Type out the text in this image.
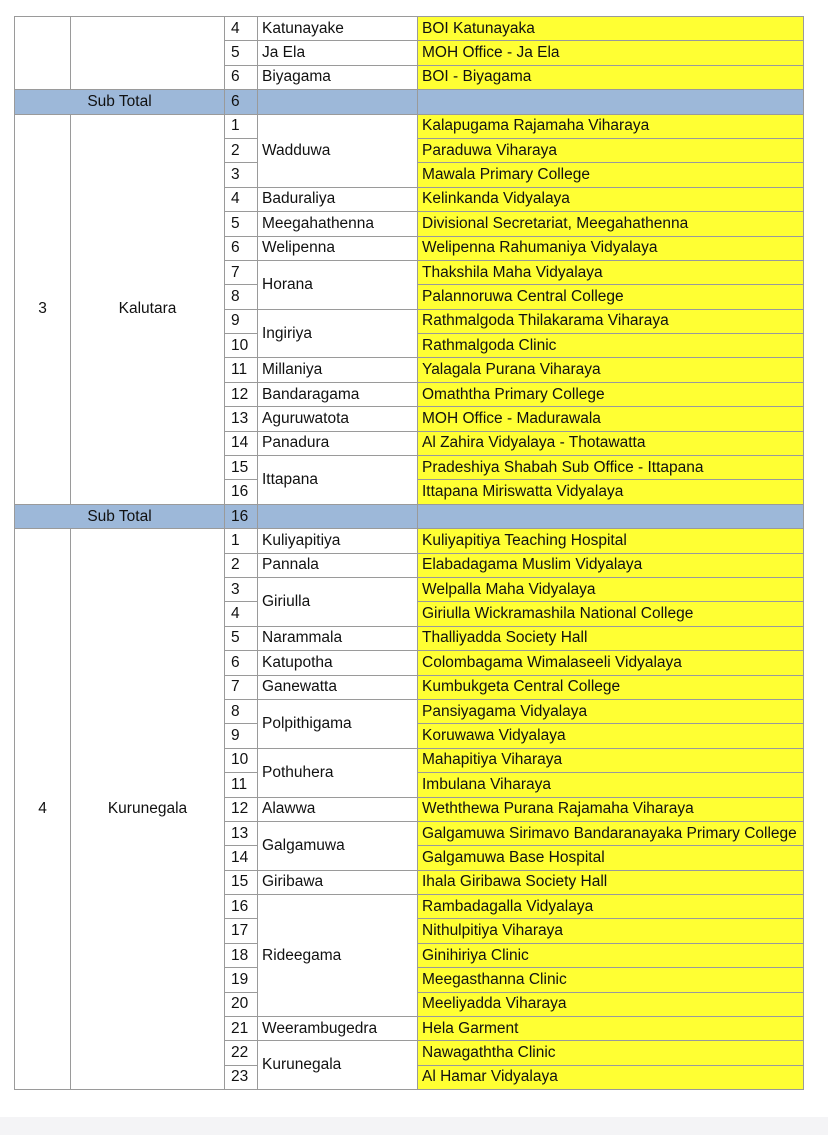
		4	Katunayake	BOI Katunayaka
		5	Ja Ela	MOH Office - Ja Ela
		6	Biyagama	BOI - Biyagama
Sub Total		6		
3	Kalutara	1	Wadduwa	Kalapugama Rajamaha Viharaya
		2		Paraduwa Viharaya
		3		Mawala Primary College
		4	Baduraliya	Kelinkanda Vidyalaya
		5	Meegahathenna	Divisional Secretariat, Meegahathenna
		6	Welipenna	Welipenna Rahumaniya Vidyalaya
		7	Horana	Thakshila Maha Vidyalaya
		8		Palannoruwa Central College
		9	Ingiriya	Rathmalgoda Thilakarama Viharaya
		10		Rathmalgoda Clinic
		11	Millaniya	Yalagala Purana Viharaya
		12	Bandaragama	Omaththa Primary College
		13	Aguruwatota	MOH Office - Madurawala
		14	Panadura	Al Zahira Vidyalaya - Thotawatta
		15	Ittapana	Pradeshiya Shabah Sub Office - Ittapana
		16		Ittapana Miriswatta Vidyalaya
Sub Total		16		
4	Kurunegala	1	Kuliyapitiya	Kuliyapitiya Teaching Hospital
		2	Pannala	Elabadagama Muslim Vidyalaya
		3	Giriulla	Welpalla Maha Vidyalaya
		4		Giriulla Wickramashila National College
		5	Narammala	Thalliyadda Society Hall
		6	Katupotha	Colombagama Wimalaseeli Vidyalaya
		7	Ganewatta	Kumbukgeta Central College
		8	Polpithigama	Pansiyagama Vidyalaya
		9		Koruwawa Vidyalaya
		10	Pothuhera	Mahapitiya Viharaya
		11		Imbulana Viharaya
		12	Alawwa	Weththewa Purana Rajamaha Viharaya
		13	Galgamuwa	Galgamuwa Sirimavo Bandaranayaka Primary College
		14		Galgamuwa Base Hospital
		15	Giribawa	Ihala Giribawa Society Hall
		16	Rideegama	Rambadagalla Vidyalaya
		17		Nithulpitiya Viharaya
		18		Ginihiriya Clinic
		19		Meegasthanna Clinic
		20		Meeliyadda Viharaya
		21	Weerambugedra	Hela Garment
		22	Kurunegala	Nawagaththa Clinic
		23		Al Hamar Vidyalaya
